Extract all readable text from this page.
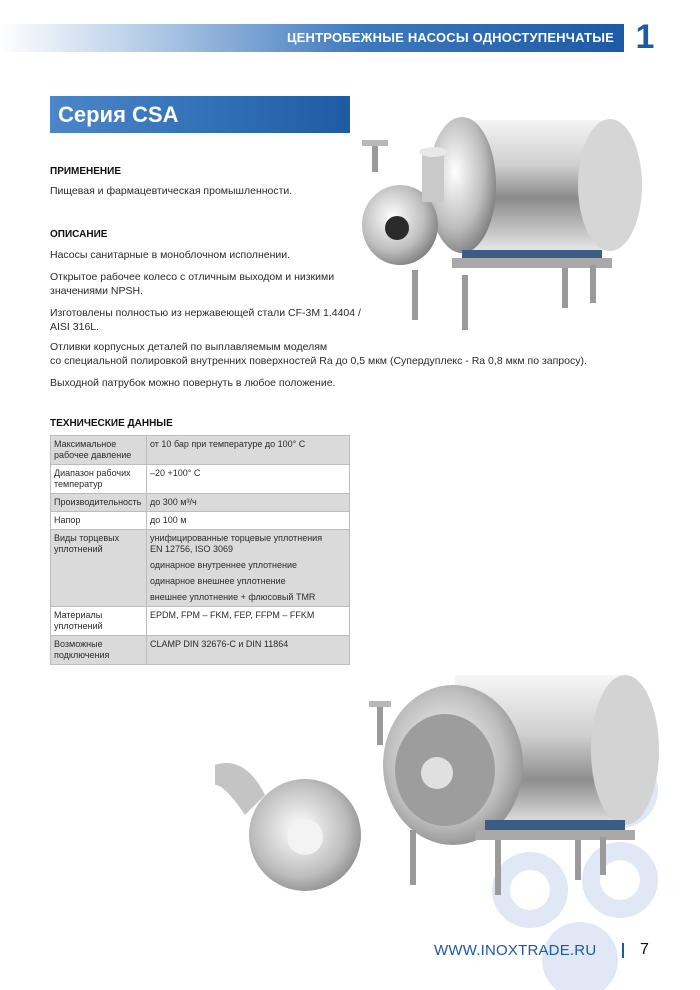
ЦЕНТРОБЕЖНЫЕ НАСОСЫ ОДНОСТУПЕНЧАТЫЕ 1
Серия CSA
ПРИМЕНЕНИЕ

Пищевая и фармацевтическая промышленности.

ОПИСАНИЕ

Насосы санитарные в моноблочном исполнении.

Открытое рабочее колесо с отличным выходом и низкими

значениями NPSH.

Изготовлены полностью из нержавеющей стали CF-3M 1.4404 /

AISI 316L.

Отливки корпусных деталей по выплавляемым моделям

со специальной полировкой внутренних поверхностей Ra до 0,5 мкм (Супердуплекс - Ra 0,8 мкм по запросу).

Выходной патрубок можно повернуть в любое положение.

ТЕХНИЧЕСКИЕ ДАННЫЕ
Максимальное
рабочее давление	от 10 бар при температуре до 100° С

Диапазон рабочих
температур	–20 +100° С

Производительность	до 300 м³/ч

Напор	до 100 м

Виды торцевых
уплотнений	унифицированные торцевые уплотнения
EN 12756, ISO 3069
одинарное внутреннее уплотнение
одинарное внешнее уплотнение
внешнее уплотнение + флюсовый TMR

Материалы
уплотнений	EPDM, FPM – FKM, FEP, FFPM – FFKM

Возможные
подключения	CLAMP DIN 32676-С и DIN 11864
WWW.INOXTRADE.RU	7
